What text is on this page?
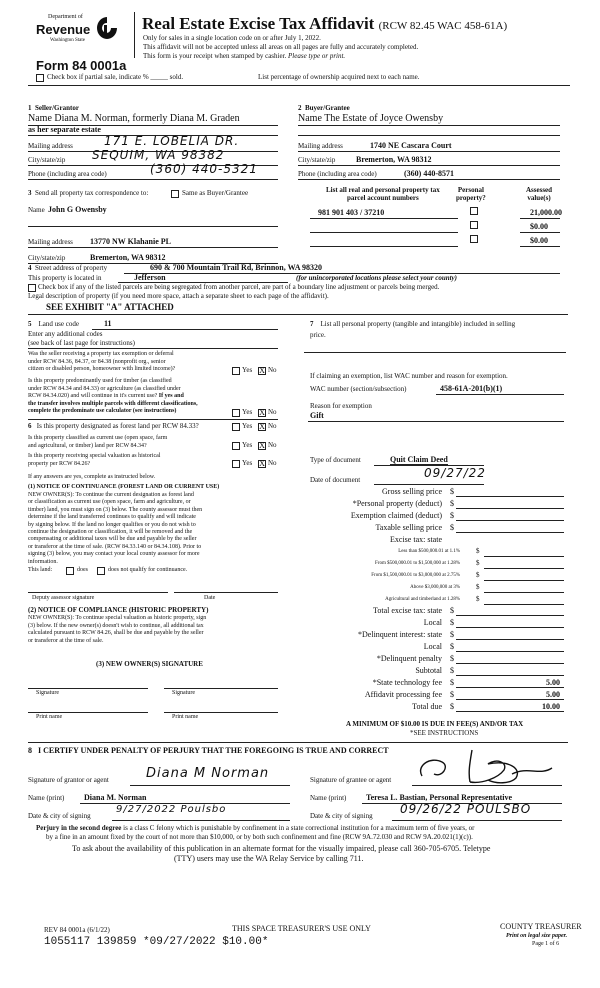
Department of
Revenue
Washington State
Real Estate Excise Tax Affidavit (RCW 82.45 WAC 458-61A)
Only for sales in a single location code on or after July 1, 2022.
This affidavit will not be accepted unless all areas on all pages are fully and accurately completed.
This form is your receipt when stamped by cashier. Please type or print.
Form 84 0001a
Check box if partial sale, indicate % _____ sold.	List percentage of ownership acquired next to each name.
1 Seller/Grantor
Name Diana M. Norman, formerly Diana M. Graden
as her separate estate
Mailing address	171 E. LOBELIA DR.
City/state/zip SEQUIM, WA 98382
Phone (including area code)	(360) 440-5321
2 Buyer/Grantee
Name The Estate of Joyce Owensby
Mailing address	1740 NE Cascara Court
City/state/zip	Bremerton, WA 98312
Phone (including area code)	(360) 440-8571
3 Send all property tax correspondence to:	Same as Buyer/Grantee
Name John G Owensby
Mailing address 13770 NW Klahanie PL
City/state/zip	Bremerton, WA 98312
List all real and personal property tax
parcel account numbers
Personal
property?
Assessed
value(s)
981 901 403 / 37210	21,000.00
$0.00
$0.00
4 Street address of property	690 & 700 Mountain Trail Rd, Brinnon, WA 98320
This property is located in	Jefferson	(for unincorporated locations please select your county)
Check box if any of the listed parcels are being segregated from another parcel, are part of a boundary line adjustment or parcels being merged.
Legal description of property (if you need more space, attach a separate sheet to each page of the affidavit).
SEE EXHIBIT "A" ATTACHED
5 Land use code	11
Enter any additional codes
(see back of last page for instructions)
Was the seller receiving a property tax exemption or deferral
under RCW 84.36, 84.37, or 84.38 (nonprofit org., senior
citizen or disabled person, homeowner with limited income)?	Yes X No
Is this property predominantly used for timber (as classified
under RCW 84.34 and 84.33) or agriculture (as classified under
RCW 84.34.020) and will continue in it's current use? If yes and
the transfer involves multiple parcels with different classifications,
complete the predominate use calculator (see instructions)	Yes X No
6 Is this property designated as forest land per RCW 84.33?	Yes X No
Is this property classified as current use (open space, farm
and agricultural, or timber) land per RCW 84.34?	Yes X No
Is this property receiving special valuation as historical
property per RCW 84.26?	Yes X No
If any answers are yes, complete as instructed below.
(1) NOTICE OF CONTINUANCE (FOREST LAND OR CURRENT USE)
NEW OWNER(S): To continue the current designation as forest land
or classification as current use (open space, farm and agriculture, or
timber) land, you must sign on (3) below. The county assessor must then
determine if the land transferred continues to qualify and will indicate
by signing below. If the land no longer qualifies or you do not wish to
continue the designation or classification, it will be removed and the
compensating or additional taxes will be due and payable by the seller
or transferor at the time of sale. (RCW 84.33.140 or 84.34.108). Prior to
signing (3) below, you may contact your local county assessor for more
information.
This land:	does	does not qualify for continuance.
Deputy assessor signature	Date
(2) NOTICE OF COMPLIANCE (HISTORIC PROPERTY)
NEW OWNER(S): To continue special valuation as historic property, sign
(3) below. If the new owner(s) doesn't wish to continue, all additional tax
calculated pursuant to RCW 84.26, shall be due and payable by the seller
or transferor at the time of sale.
(3) NEW OWNER(S) SIGNATURE
Signature	Signature
Print name	Print name
7 List all personal property (tangible and intangible) included in selling
price.
If claiming an exemption, list WAC number and reason for exemption.
WAC number (section/subsection)	458-61A-201(b)(1)
Reason for exemption
Gift
Type of document	Quit Claim Deed
Date of document	09/27/22
Gross selling price $
*Personal property (deduct) $
Exemption claimed (deduct) $
Taxable selling price $
Excise tax: state
Less than $500,000.01 at 1.1% $
From $500,000.01 to $1,500,000 at 1.28% $
From $1,500,000.01 to $3,000,000 at 2.75% $
Above $3,000,000 at 3% $
Agricultural and timberland at 1.28% $
Total excise tax: state $
Local $
*Delinquent interest: state $
Local $
*Delinquent penalty $
Subtotal $
*State technology fee $	5.00
Affidavit processing fee $	5.00
Total due $	10.00
A MINIMUM OF $10.00 IS DUE IN FEE(S) AND/OR TAX
*SEE INSTRUCTIONS
8 I CERTIFY UNDER PENALTY OF PERJURY THAT THE FOREGOING IS TRUE AND CORRECT
Signature of grantor or agent	Diana M Norman	Signature of grantee or agent
Name (print) Diana M. Norman	Name (print) Teresa L. Bastian, Personal Representative
Date & city of signing
9/27/2022 Poulsbo
Date & city of signing 09/26/22 POULSBO
Perjury in the second degree is a class C felony which is punishable by confinement in a state correctional institution for a maximum term of five years, or
by a fine in an amount fixed by the court of not more than $10,000, or by both such confinement and fine (RCW 9A.72.030 and RCW 9A.20.021(1)(c)).
To ask about the availability of this publication in an alternate format for the visually impaired, please call 360-705-6705. Teletype
(TTY) users may use the WA Relay Service by calling 711.
REV 84 0001a (6/1/22)	THIS SPACE TREASURER'S USE ONLY	COUNTY TREASURER
1055117 139859 *09/27/2022 $10.00*	Print on legal size paper.
Page 1 of 6
